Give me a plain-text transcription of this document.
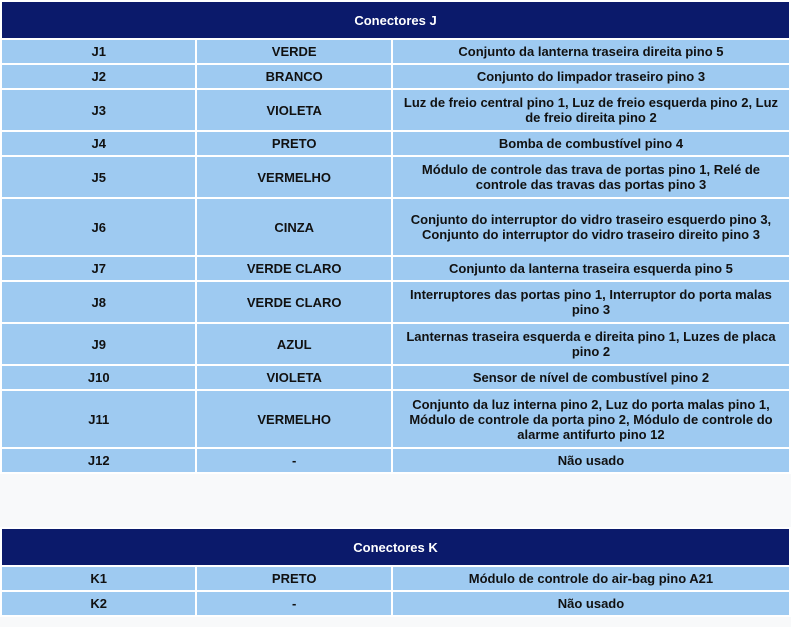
Conectores J		
J1	VERDE	Conjunto da lanterna traseira direita pino 5
J2	BRANCO	Conjunto do limpador traseiro pino 3
J3	VIOLETA	Luz de freio central pino 1, Luz de freio esquerda pino 2, Luz de freio direita pino 2
J4	PRETO	Bomba de combustível pino 4
J5	VERMELHO	Módulo de controle das trava de portas pino 1, Relé de controle das travas das portas pino 3
J6	CINZA	Conjunto do interruptor do vidro traseiro esquerdo pino 3, Conjunto do interruptor do vidro traseiro direito pino 3
J7	VERDE CLARO	Conjunto da lanterna traseira esquerda pino 5
J8	VERDE CLARO	Interruptores das portas pino 1, Interruptor do porta malas pino 3
J9	AZUL	Lanternas traseira esquerda e direita pino 1, Luzes de placa pino 2
J10	VIOLETA	Sensor de nível de combustível pino 2
J11	VERMELHO	Conjunto da luz interna pino 2, Luz do porta malas pino 1, Módulo de controle da porta pino 2, Módulo de controle do alarme antifurto pino 12
J12	-	Não usado
Conectores K		
K1	PRETO	Módulo de controle do air-bag pino A21
K2	-	Não usado
